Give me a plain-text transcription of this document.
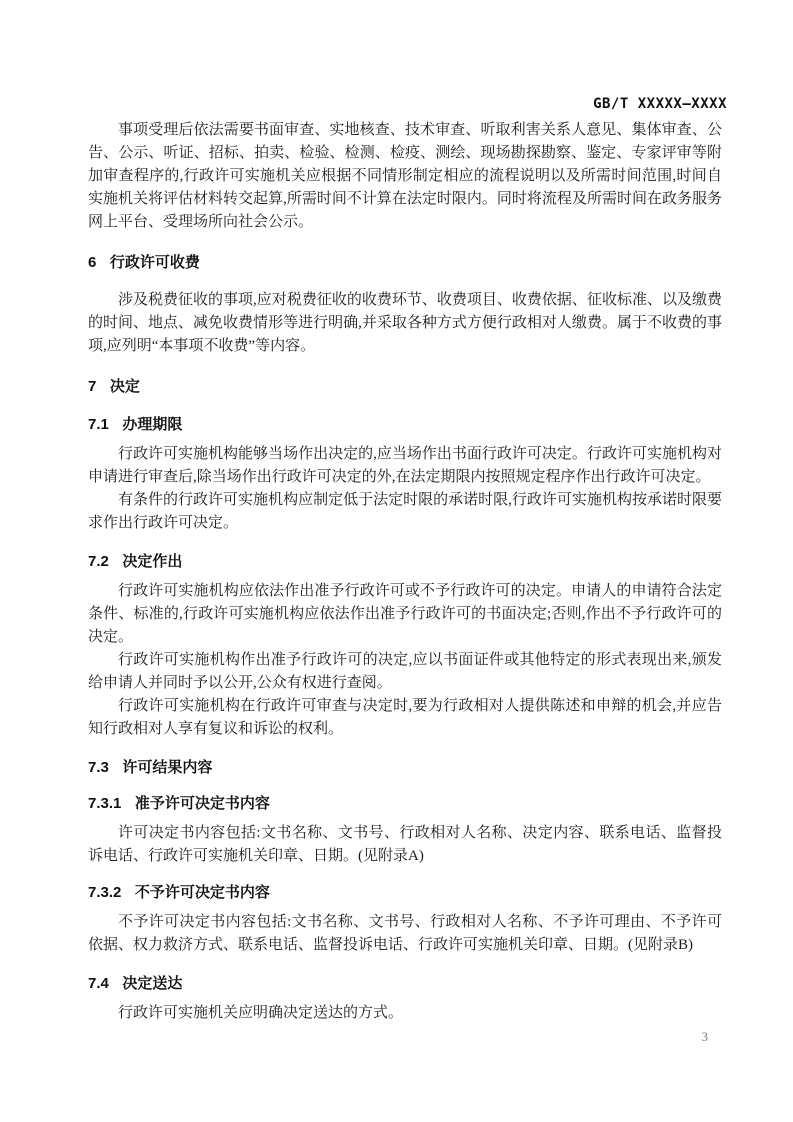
GB/T XXXXX—XXXX

事项受理后依法需要书面审查、实地核查、技术审查、听取利害关系人意见、集体审查、公告、公示、听证、招标、拍卖、检验、检测、检疫、测绘、现场勘探勘察、鉴定、专家评审等附加审查程序的,行政许可实施机关应根据不同情形制定相应的流程说明以及所需时间范围,时间自实施机关将评估材料转交起算,所需时间不计算在法定时限内。同时将流程及所需时间在政务服务网上平台、受理场所向社会公示。

6 行政许可收费

涉及税费征收的事项,应对税费征收的收费环节、收费项目、收费依据、征收标准、以及缴费的时间、地点、减免收费情形等进行明确,并采取各种方式方便行政相对人缴费。属于不收费的事项,应列明“本事项不收费”等内容。

7 决定
7.1 办理期限

行政许可实施机构能够当场作出决定的,应当场作出书面行政许可决定。行政许可实施机构对申请进行审查后,除当场作出行政许可决定的外,在法定期限内按照规定程序作出行政许可决定。

有条件的行政许可实施机构应制定低于法定时限的承诺时限,行政许可实施机构按承诺时限要求作出行政许可决定。

7.2 决定作出

行政许可实施机构应依法作出准予行政许可或不予行政许可的决定。申请人的申请符合法定条件、标准的,行政许可实施机构应依法作出准予行政许可的书面决定;否则,作出不予行政许可的决定。

行政许可实施机构作出准予行政许可的决定,应以书面证件或其他特定的形式表现出来,颁发给申请人并同时予以公开,公众有权进行查阅。

行政许可实施机构在行政许可审查与决定时,要为行政相对人提供陈述和申辩的机会,并应告知行政相对人享有复议和诉讼的权利。

7.3 许可结果内容
7.3.1 准予许可决定书内容

许可决定书内容包括:文书名称、文书号、行政相对人名称、决定内容、联系电话、监督投诉电话、行政许可实施机关印章、日期。(见附录A)

7.3.2 不予许可决定书内容

不予许可决定书内容包括:文书名称、文书号、行政相对人名称、不予许可理由、不予许可依据、权力救济方式、联系电话、监督投诉电话、行政许可实施机关印章、日期。(见附录B)

7.4 决定送达

行政许可实施机关应明确决定送达的方式。

3
